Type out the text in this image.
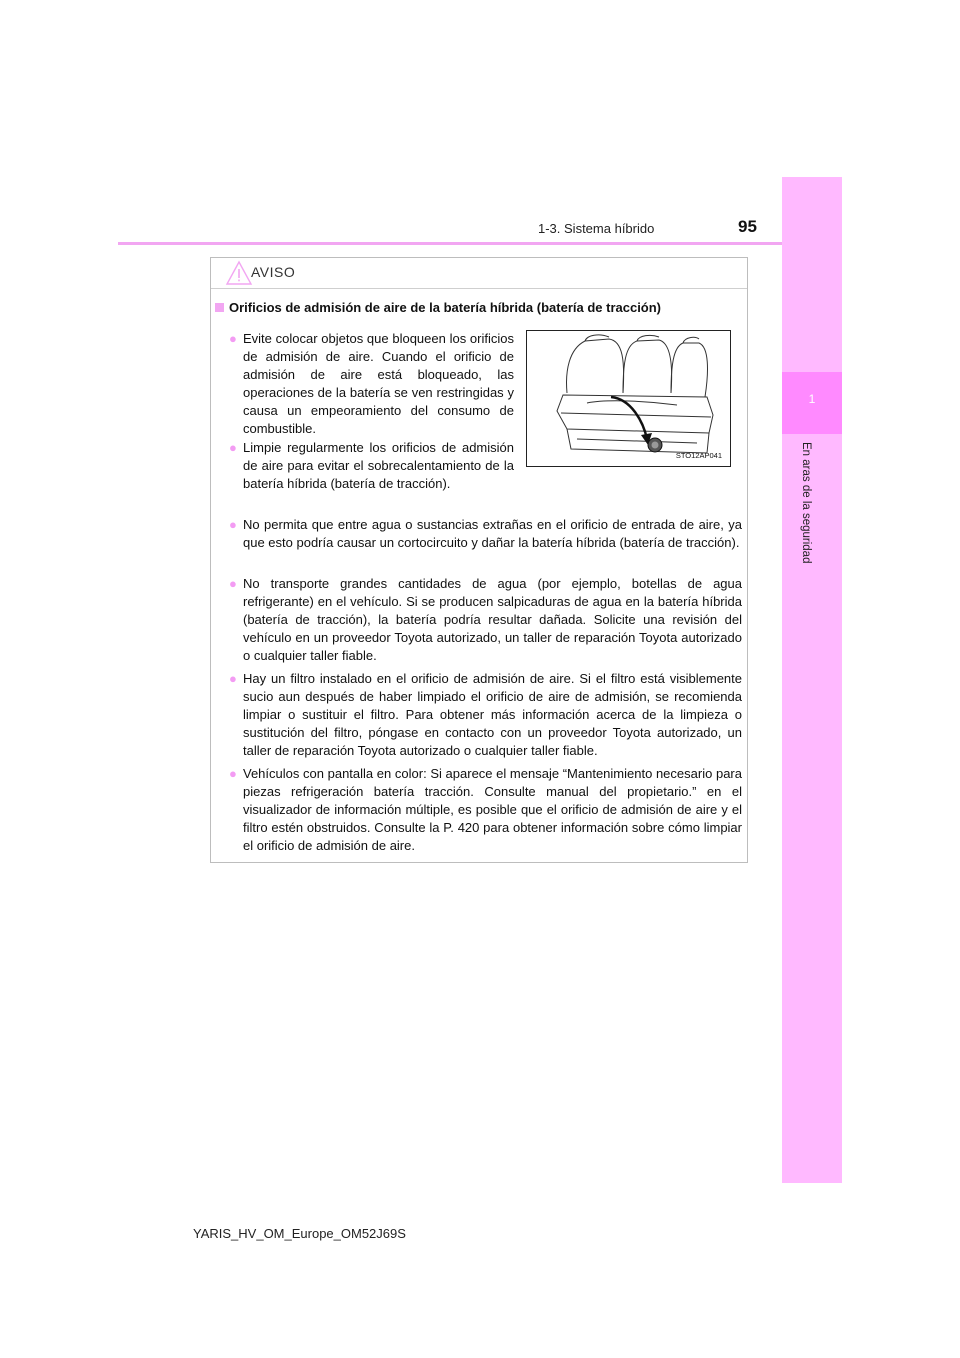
1-3. Sistema híbrido	95
1
En aras de la seguridad
AVISO
Orificios de admisión de aire de la batería híbrida (batería de tracción)
STO12AP041
● Evite colocar objetos que bloqueen los orificios de admisión de aire. Cuando el orificio de admisión de aire está bloqueado, las operaciones de la batería se ven restringidas y causa un empeoramiento del consumo de combustible.
● Limpie regularmente los orificios de admisión de aire para evitar el sobrecalentamiento de la batería híbrida (batería de tracción).
● No permita que entre agua o sustancias extrañas en el orificio de entrada de aire, ya que esto podría causar un cortocircuito y dañar la batería híbrida (batería de tracción).
● No transporte grandes cantidades de agua (por ejemplo, botellas de agua refrigerante) en el vehículo. Si se producen salpicaduras de agua en la batería híbrida (batería de tracción), la batería podría resultar dañada. Solicite una revisión del vehículo en un proveedor Toyota autorizado, un taller de reparación Toyota autorizado o cualquier taller fiable.
● Hay un filtro instalado en el orificio de admisión de aire. Si el filtro está visiblemente sucio aun después de haber limpiado el orificio de aire de admisión, se recomienda limpiar o sustituir el filtro. Para obtener más información acerca de la limpieza o sustitución del filtro, póngase en contacto con un proveedor Toyota autorizado, un taller de reparación Toyota autorizado o cualquier taller fiable.
● Vehículos con pantalla en color: Si aparece el mensaje “Mantenimiento necesario para piezas refrigeración batería tracción. Consulte manual del propietario.” en el visualizador de información múltiple, es posible que el orificio de admisión de aire y el filtro estén obstruidos. Consulte la P. 420 para obtener información sobre cómo limpiar el orificio de admisión de aire.
YARIS_HV_OM_Europe_OM52J69S
